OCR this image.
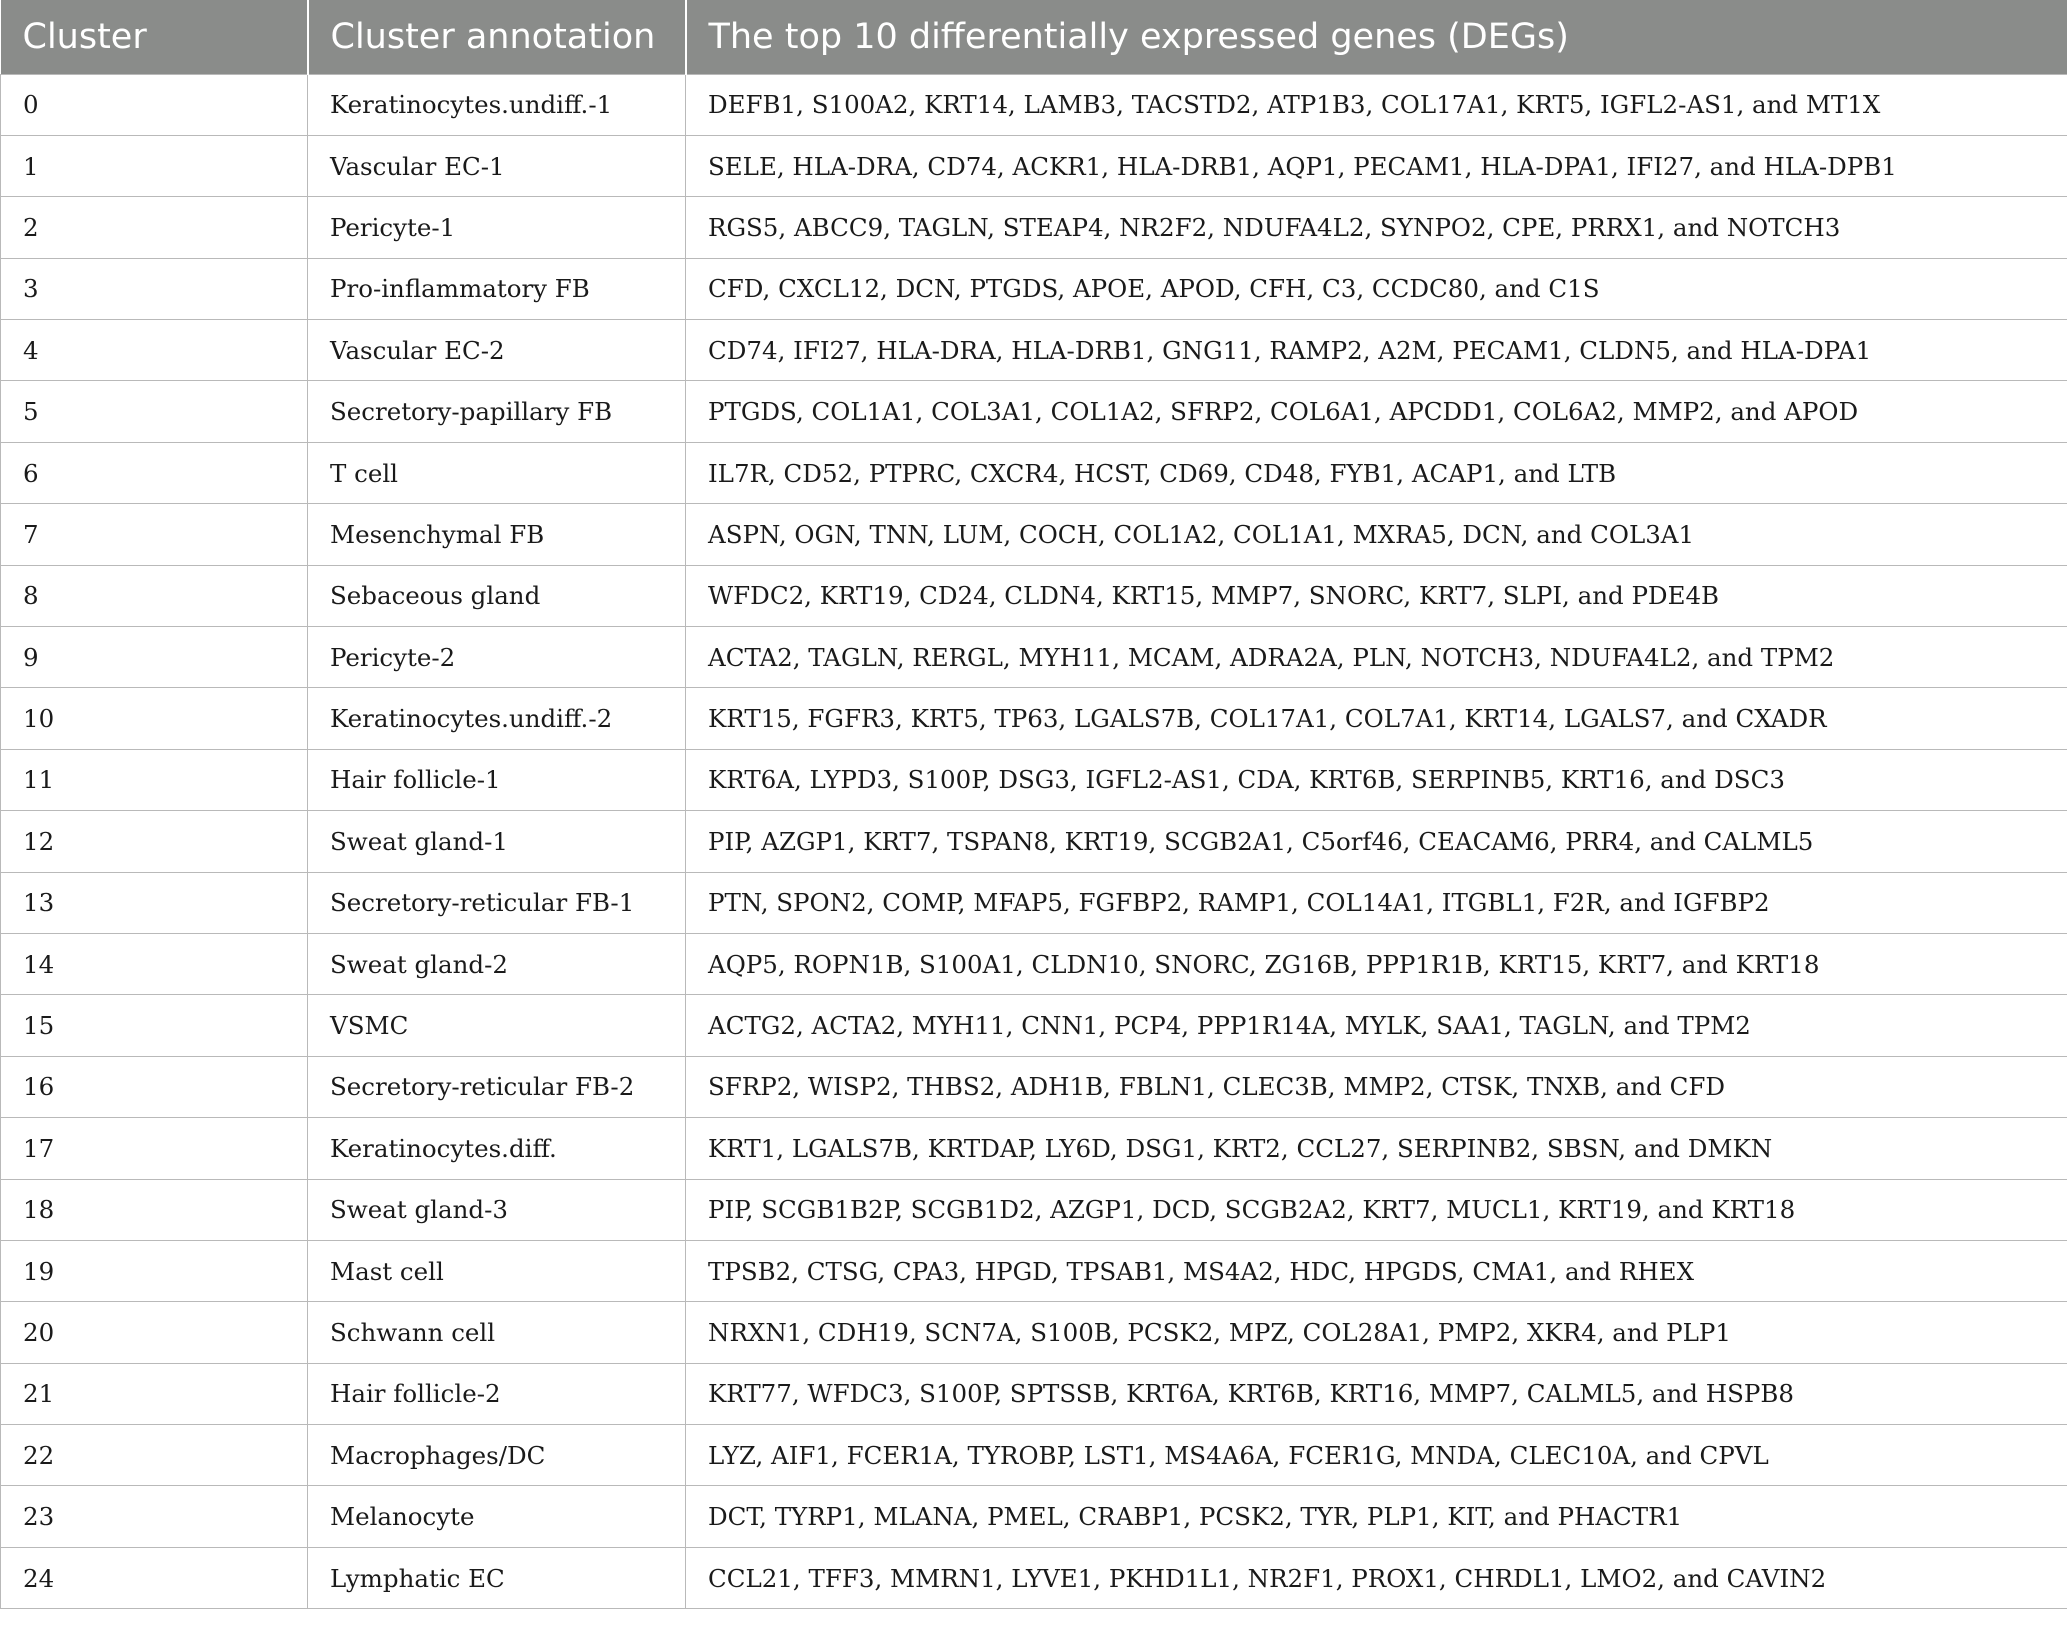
Cluster	Cluster annotation	The top 10 differentially expressed genes (DEGs)
0	Keratinocytes.undiff.-1	DEFB1, S100A2, KRT14, LAMB3, TACSTD2, ATP1B3, COL17A1, KRT5, IGFL2-AS1, and MT1X
1	Vascular EC-1	SELE, HLA-DRA, CD74, ACKR1, HLA-DRB1, AQP1, PECAM1, HLA-DPA1, IFI27, and HLA-DPB1
2	Pericyte-1	RGS5, ABCC9, TAGLN, STEAP4, NR2F2, NDUFA4L2, SYNPO2, CPE, PRRX1, and NOTCH3
3	Pro-inflammatory FB	CFD, CXCL12, DCN, PTGDS, APOE, APOD, CFH, C3, CCDC80, and C1S
4	Vascular EC-2	CD74, IFI27, HLA-DRA, HLA-DRB1, GNG11, RAMP2, A2M, PECAM1, CLDN5, and HLA-DPA1
5	Secretory-papillary FB	PTGDS, COL1A1, COL3A1, COL1A2, SFRP2, COL6A1, APCDD1, COL6A2, MMP2, and APOD
6	T cell	IL7R, CD52, PTPRC, CXCR4, HCST, CD69, CD48, FYB1, ACAP1, and LTB
7	Mesenchymal FB	ASPN, OGN, TNN, LUM, COCH, COL1A2, COL1A1, MXRA5, DCN, and COL3A1
8	Sebaceous gland	WFDC2, KRT19, CD24, CLDN4, KRT15, MMP7, SNORC, KRT7, SLPI, and PDE4B
9	Pericyte-2	ACTA2, TAGLN, RERGL, MYH11, MCAM, ADRA2A, PLN, NOTCH3, NDUFA4L2, and TPM2
10	Keratinocytes.undiff.-2	KRT15, FGFR3, KRT5, TP63, LGALS7B, COL17A1, COL7A1, KRT14, LGALS7, and CXADR
11	Hair follicle-1	KRT6A, LYPD3, S100P, DSG3, IGFL2-AS1, CDA, KRT6B, SERPINB5, KRT16, and DSC3
12	Sweat gland-1	PIP, AZGP1, KRT7, TSPAN8, KRT19, SCGB2A1, C5orf46, CEACAM6, PRR4, and CALML5
13	Secretory-reticular FB-1	PTN, SPON2, COMP, MFAP5, FGFBP2, RAMP1, COL14A1, ITGBL1, F2R, and IGFBP2
14	Sweat gland-2	AQP5, ROPN1B, S100A1, CLDN10, SNORC, ZG16B, PPP1R1B, KRT15, KRT7, and KRT18
15	VSMC	ACTG2, ACTA2, MYH11, CNN1, PCP4, PPP1R14A, MYLK, SAA1, TAGLN, and TPM2
16	Secretory-reticular FB-2	SFRP2, WISP2, THBS2, ADH1B, FBLN1, CLEC3B, MMP2, CTSK, TNXB, and CFD
17	Keratinocytes.diff.	KRT1, LGALS7B, KRTDAP, LY6D, DSG1, KRT2, CCL27, SERPINB2, SBSN, and DMKN
18	Sweat gland-3	PIP, SCGB1B2P, SCGB1D2, AZGP1, DCD, SCGB2A2, KRT7, MUCL1, KRT19, and KRT18
19	Mast cell	TPSB2, CTSG, CPA3, HPGD, TPSAB1, MS4A2, HDC, HPGDS, CMA1, and RHEX
20	Schwann cell	NRXN1, CDH19, SCN7A, S100B, PCSK2, MPZ, COL28A1, PMP2, XKR4, and PLP1
21	Hair follicle-2	KRT77, WFDC3, S100P, SPTSSB, KRT6A, KRT6B, KRT16, MMP7, CALML5, and HSPB8
22	Macrophages/DC	LYZ, AIF1, FCER1A, TYROBP, LST1, MS4A6A, FCER1G, MNDA, CLEC10A, and CPVL
23	Melanocyte	DCT, TYRP1, MLANA, PMEL, CRABP1, PCSK2, TYR, PLP1, KIT, and PHACTR1
24	Lymphatic EC	CCL21, TFF3, MMRN1, LYVE1, PKHD1L1, NR2F1, PROX1, CHRDL1, LMO2, and CAVIN2
